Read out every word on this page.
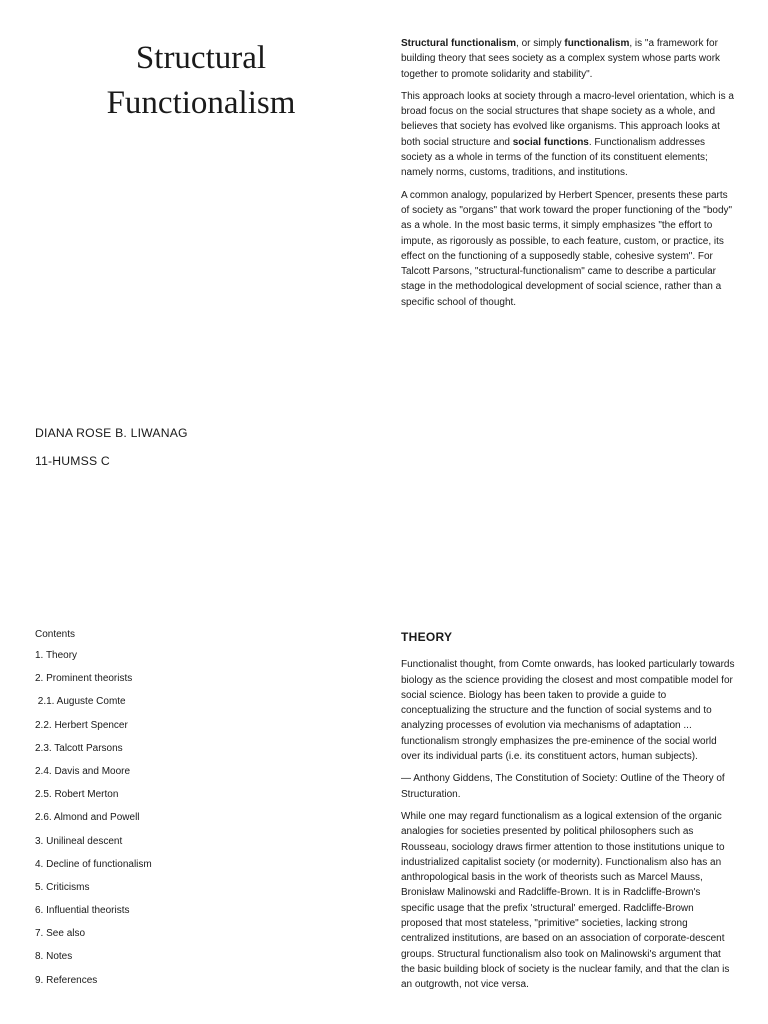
Structural
Functionalism

Structural functionalism, or simply functionalism, is "a framework for building theory that sees society as a complex system whose parts work together to promote solidarity and stability".

This approach looks at society through a macro-level orientation, which is a broad focus on the social structures that shape society as a whole, and believes that society has evolved like organisms. This approach looks at both social structure and social functions. Functionalism addresses society as a whole in terms of the function of its constituent elements; namely norms, customs, traditions, and institutions.

A common analogy, popularized by Herbert Spencer, presents these parts of society as "organs" that work toward the proper functioning of the "body" as a whole. In the most basic terms, it simply emphasizes "the effort to impute, as rigorously as possible, to each feature, custom, or practice, its effect on the functioning of a supposedly stable, cohesive system". For Talcott Parsons, "structural-functionalism" came to describe a particular stage in the methodological development of social science, rather than a specific school of thought.

DIANA ROSE B. LIWANAG
11-HUMSS C
Contents
1. Theory
2. Prominent theorists
2.1. Auguste Comte
2.2. Herbert Spencer
2.3. Talcott Parsons
2.4. Davis and Moore
2.5. Robert Merton
2.6. Almond and Powell
3. Unilineal descent
4. Decline of functionalism
5. Criticisms
6. Influential theorists
7. See also
8. Notes
9. References
THEORY

Functionalist thought, from Comte onwards, has looked particularly towards biology as the science providing the closest and most compatible model for social science. Biology has been taken to provide a guide to conceptualizing the structure and the function of social systems and to analyzing processes of evolution via mechanisms of adaptation ... functionalism strongly emphasizes the pre-eminence of the social world over its individual parts (i.e. its constituent actors, human subjects).

— Anthony Giddens, The Constitution of Society: Outline of the Theory of Structuration.

While one may regard functionalism as a logical extension of the organic analogies for societies presented by political philosophers such as Rousseau, sociology draws firmer attention to those institutions unique to industrialized capitalist society (or modernity). Functionalism also has an anthropological basis in the work of theorists such as Marcel Mauss, Bronisław Malinowski and Radcliffe-Brown. It is in Radcliffe-Brown's specific usage that the prefix 'structural' emerged. Radcliffe-Brown proposed that most stateless, "primitive" societies, lacking strong centralized institutions, are based on an association of corporate-descent groups. Structural functionalism also took on Malinowski's argument that the basic building block of society is the nuclear family, and that the clan is an outgrowth, not vice versa.
